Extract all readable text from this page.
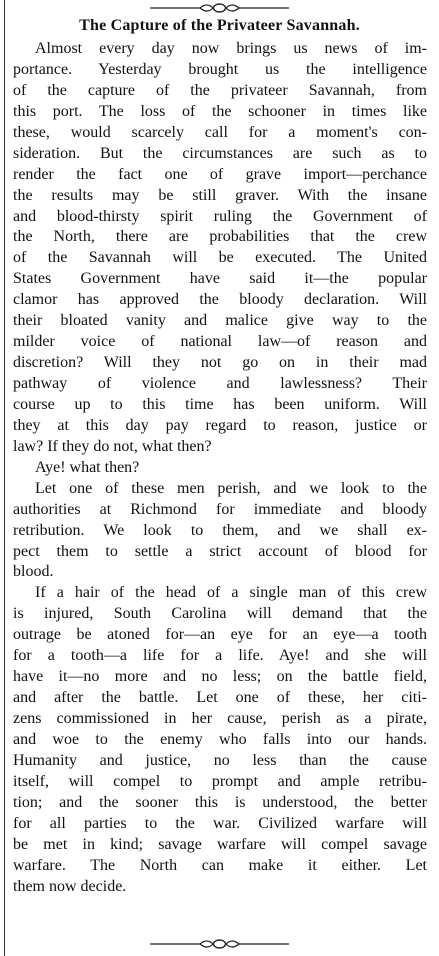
The Capture of the Privateer Savannah.
Almost every day now brings us news of im-
portance. Yesterday brought us the intelligence
of the capture of the privateer Savannah, from
this port. The loss of the schooner in times like
these, would scarcely call for a moment's con-
sideration. But the circumstances are such as to
render the fact one of grave import—perchance
the results may be still graver. With the insane
and blood-thirsty spirit ruling the Government of
the North, there are probabilities that the crew
of the Savannah will be executed. The United
States Government have said it—the popular
clamor has approved the bloody declaration. Will
their bloated vanity and malice give way to the
milder voice of national law—of reason and
discretion? Will they not go on in their mad
pathway of violence and lawlessness? Their
course up to this time has been uniform. Will
they at this day pay regard to reason, justice or
law? If they do not, what then?
Aye! what then?
Let one of these men perish, and we look to the
authorities at Richmond for immediate and bloody
retribution. We look to them, and we shall ex-
pect them to settle a strict account of blood for
blood.
If a hair of the head of a single man of this crew
is injured, South Carolina will demand that the
outrage be atoned for—an eye for an eye—a tooth
for a tooth—a life for a life. Aye! and she will
have it—no more and no less; on the battle field,
and after the battle. Let one of these, her citi-
zens commissioned in her cause, perish as a pirate,
and woe to the enemy who falls into our hands.
Humanity and justice, no less than the cause
itself, will compel to prompt and ample retribu-
tion; and the sooner this is understood, the better
for all parties to the war. Civilized warfare will
be met in kind; savage warfare will compel savage
warfare. The North can make it either. Let
them now decide.
